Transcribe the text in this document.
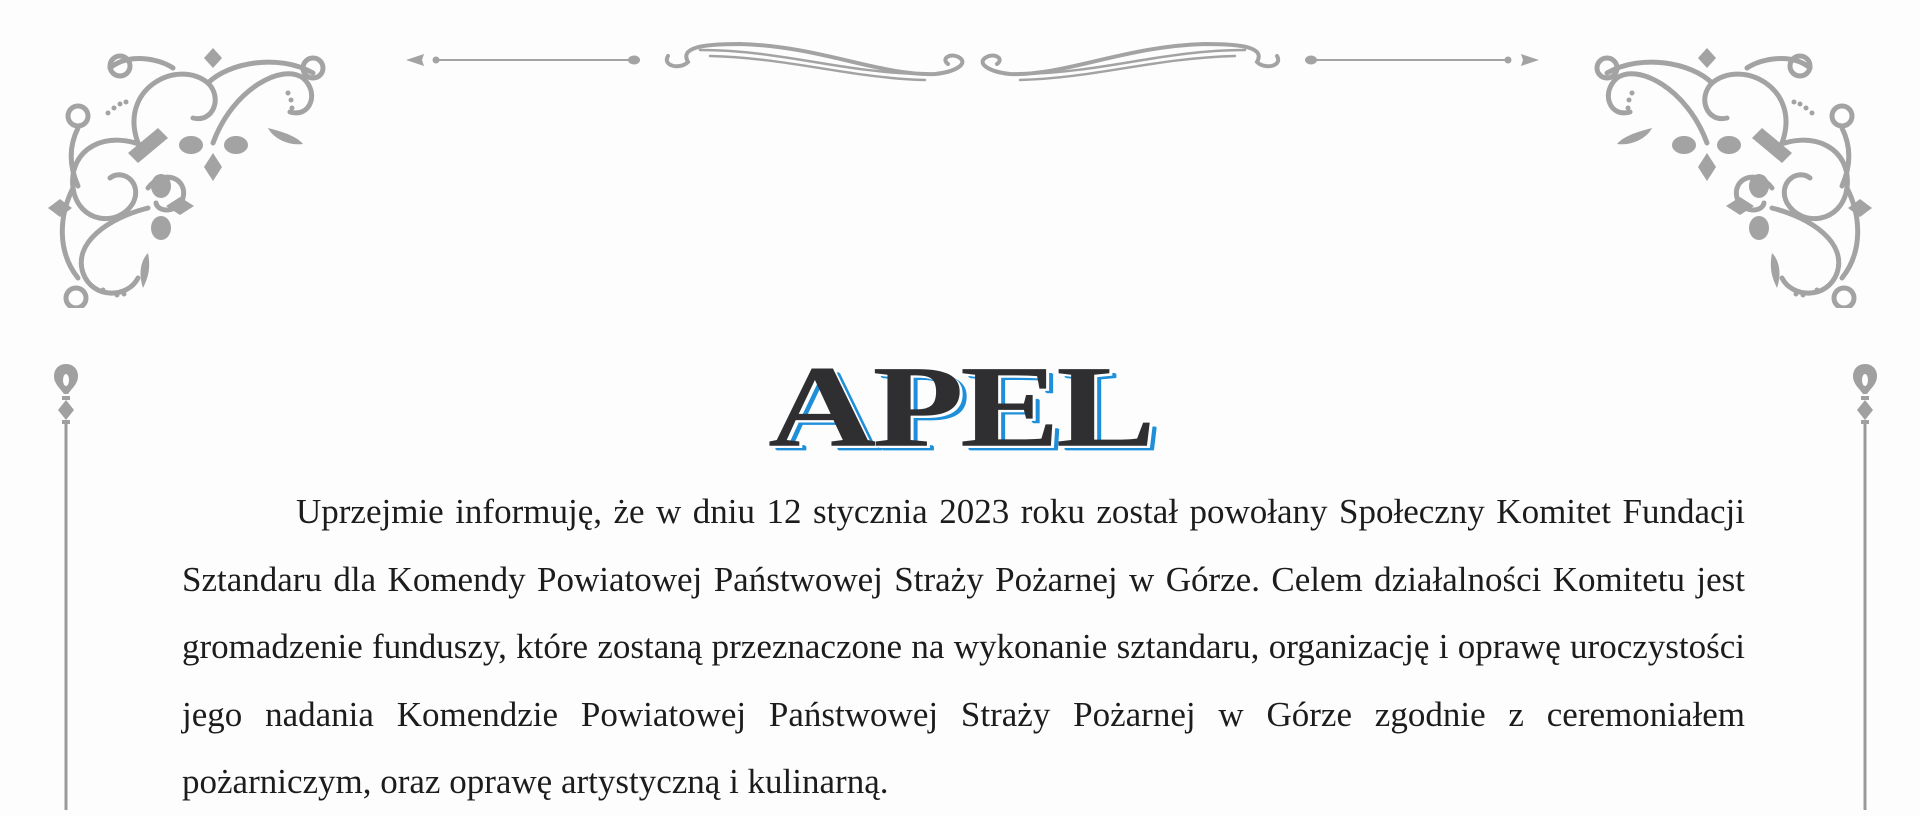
APEL

Uprzejmie informuję, że w dniu 12 stycznia 2023 roku został powołany Społeczny Komitet Fundacji Sztandaru dla Komendy Powiatowej Państwowej Straży Pożarnej w Górze. Celem działalności Komitetu jest gromadzenie funduszy, które zostaną przeznaczone na wykonanie sztandaru, organizację i oprawę uroczystości jego nadania Komendzie Powiatowej Państwowej Straży Pożarnej w Górze zgodnie z ceremoniałem pożarniczym, oraz oprawę artystyczną i kulinarną.
